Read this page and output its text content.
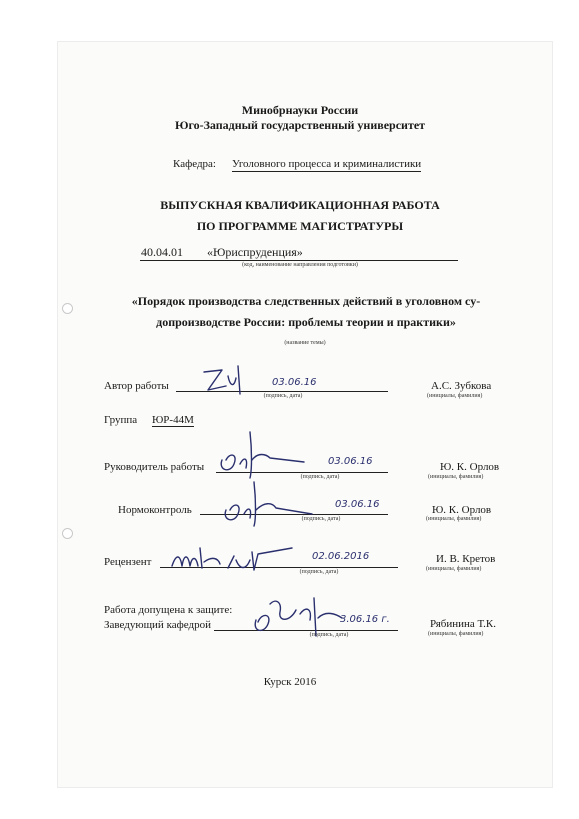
Минобрнауки России
Юго-Западный государственный университет
Кафедра: Уголовного процесса и криминалистики
ВЫПУСКНАЯ КВАЛИФИКАЦИОННАЯ РАБОТА
ПО ПРОГРАММЕ МАГИСТРАТУРЫ
40.04.01 «Юриспруденция»
(код, наименование направления подготовки)
«Порядок производства следственных действий в уголовном су-
допроизводстве России: проблемы теории и практики»
(название темы)
Автор работы	03.06.16
(подпись, дата)
А.С. Зубкова
(инициалы, фамилия)
Группа ЮР-44М
Руководитель работы	03.06.16
(подпись, дата)
Ю. К. Орлов
(инициалы, фамилия)
Нормоконтроль	03.06.16
(подпись, дата)
Ю. К. Орлов
(инициалы, фамилия)
Рецензент	02.06.2016
(подпись, дата)
И. В. Кретов
(инициалы, фамилия)
Работа допущена к защите:
Заведующий кафедрой	3.06.16 г.
(подпись, дата)
Рябинина Т.К.
(инициалы, фамилия)
Курск 2016
